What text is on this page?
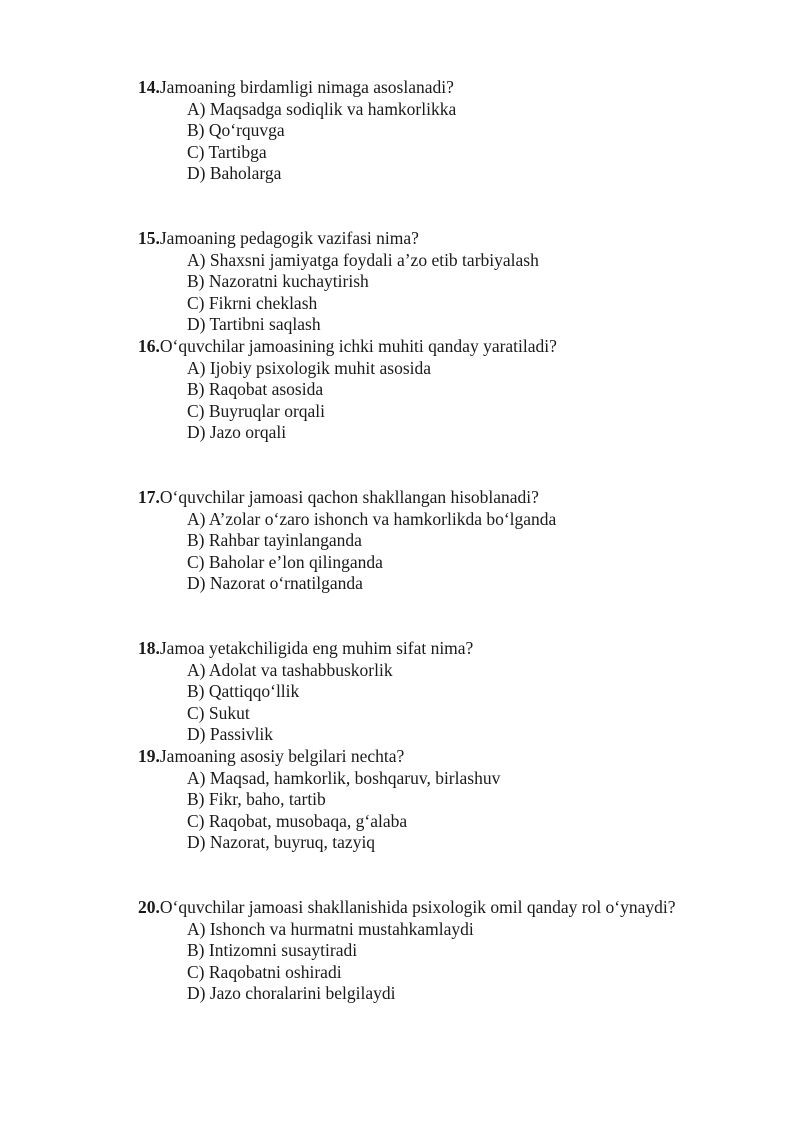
14.Jamoaning birdamligi nimaga asoslanadi?
A) Maqsadga sodiqlik va hamkorlikka
B) Qo‘rquvga
C) Tartibga
D) Baholarga
15.Jamoaning pedagogik vazifasi nima?
A) Shaxsni jamiyatga foydali a’zo etib tarbiyalash
B) Nazoratni kuchaytirish
C) Fikrni cheklash
D) Tartibni saqlash
16.O‘quvchilar jamoasining ichki muhiti qanday yaratiladi?
A) Ijobiy psixologik muhit asosida
B) Raqobat asosida
C) Buyruqlar orqali
D) Jazo orqali
17.O‘quvchilar jamoasi qachon shakllangan hisoblanadi?
A) A’zolar o‘zaro ishonch va hamkorlikda bo‘lganda
B) Rahbar tayinlanganda
C) Baholar e’lon qilinganda
D) Nazorat o‘rnatilganda
18.Jamoa yetakchiligida eng muhim sifat nima?
A) Adolat va tashabbuskorlik
B) Qattiqqo‘llik
C) Sukut
D) Passivlik
19.Jamoaning asosiy belgilari nechta?
A) Maqsad, hamkorlik, boshqaruv, birlashuv
B) Fikr, baho, tartib
C) Raqobat, musobaqa, g‘alaba
D) Nazorat, buyruq, tazyiq
20.O‘quvchilar jamoasi shakllanishida psixologik omil qanday rol o‘ynaydi?
A) Ishonch va hurmatni mustahkamlaydi
B) Intizomni susaytiradi
C) Raqobatni oshiradi
D) Jazo choralarini belgilaydi
